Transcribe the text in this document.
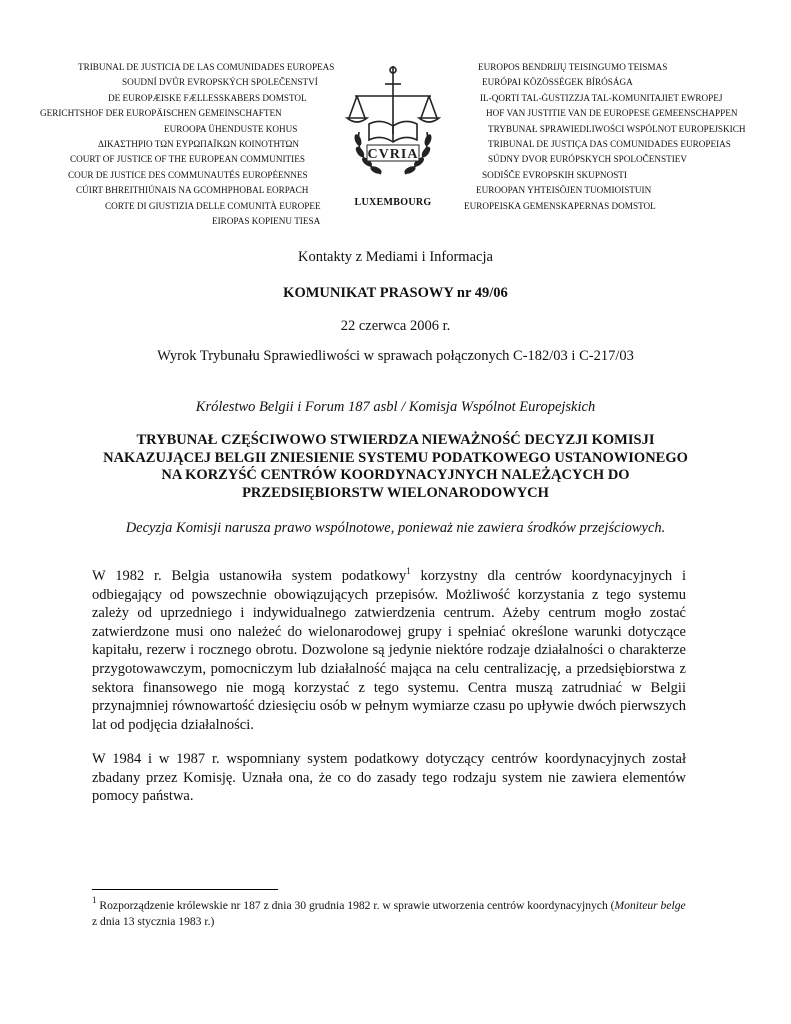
TRIBUNAL DE JUSTICIA DE LAS COMUNIDADES EUROPEAS
SOUDNÍ DVŮR EVROPSKÝCH SPOLEČENSTVÍ
DE EUROPÆISKE FÆLLESSKABERS DOMSTOL
GERICHTSHOF DER EUROPÄISCHEN GEMEINSCHAFTEN
EUROOPA ÜHENDUSTE KOHUS
ΔΙΚΑΣΤΗΡΙΟ ΤΩΝ ΕΥΡΩΠΑΪΚΩΝ ΚΟΙΝΟΤΗΤΩΝ
COURT OF JUSTICE OF THE EUROPEAN COMMUNITIES
COUR DE JUSTICE DES COMMUNAUTÉS EUROPÉENNES
CÚIRT BHREITHIÚNAIS NA GCOMHPHOBAL EORPACH
CORTE DI GIUSTIZIA DELLE COMUNITÀ EUROPEE
EIROPAS KOPIENU TIESA
CVRIA
LUXEMBOURG
EUROPOS BENDRIJŲ TEISINGUMO TEISMAS
EURÓPAI KÖZÖSSÉGEK BÍRÓSÁGA
IL-QORTI TAL-ĠUSTIZZJA TAL-KOMUNITAJIET EWROPEJ
HOF VAN JUSTITIE VAN DE EUROPESE GEMEENSCHAPPEN
TRYBUNAŁ SPRAWIEDLIWOŚCI WSPÓLNOT EUROPEJSKICH
TRIBUNAL DE JUSTIÇA DAS COMUNIDADES EUROPEIAS
SÚDNY DVOR EURÓPSKYCH SPOLOČENSTIEV
SODIŠČE EVROPSKIH SKUPNOSTI
EUROOPAN YHTEISÖJEN TUOMIOISTUIN
EUROPEISKA GEMENSKAPERNAS DOMSTOL
Kontakty z Mediami i Informacja
KOMUNIKAT PRASOWY nr 49/06
22 czerwca 2006 r.
Wyrok Trybunału Sprawiedliwości w sprawach połączonych C-182/03 i C-217/03
Królestwo Belgii i Forum 187 asbl / Komisja Wspólnot Europejskich
TRYBUNAŁ CZĘŚCIWOWO STWIERDZA NIEWAŻNOŚĆ DECYZJI KOMISJI NAKAZUJĄCEJ BELGII ZNIESIENIE SYSTEMU PODATKOWEGO USTANOWIONEGO NA KORZYŚĆ CENTRÓW KOORDYNACYJNYCH NALEŻĄCYCH DO PRZEDSIĘBIORSTW WIELONARODOWYCH
Decyzja Komisji narusza prawo wspólnotowe, ponieważ nie zawiera środków przejściowych.

W 1982 r. Belgia ustanowiła system podatkowy$^1$ korzystny dla centrów koordynacyjnych i odbiegający od powszechnie obowiązujących przepisów. Możliwość korzystania z tego systemu zależy od uprzedniego i indywidualnego zatwierdzenia centrum. Ażeby centrum mogło zostać zatwierdzone musi ono należeć do wielonarodowej grupy i spełniać określone warunki dotyczące kapitału, rezerw i rocznego obrotu. Dozwolone są jedynie niektóre rodzaje działalności o charakterze przygotowawczym, pomocniczym lub działalność mająca na celu centralizację, a przedsiębiorstwa z sektora finansowego nie mogą korzystać z tego systemu. Centra muszą zatrudniać w Belgii przynajmniej równowartość dziesięciu osób w pełnym wymiarze czasu po upływie dwóch pierwszych lat od podjęcia działalności.

W 1984 i w 1987 r. wspomniany system podatkowy dotyczący centrów koordynacyjnych został zbadany przez Komisję. Uznała ona, że co do zasady tego rodzaju system nie zawiera elementów pomocy państwa.

$^1$ Rozporządzenie królewskie nr 187 z dnia 30 grudnia 1982 r. w sprawie utworzenia centrów koordynacyjnych (Moniteur belge z dnia 13 stycznia 1983 r.)
